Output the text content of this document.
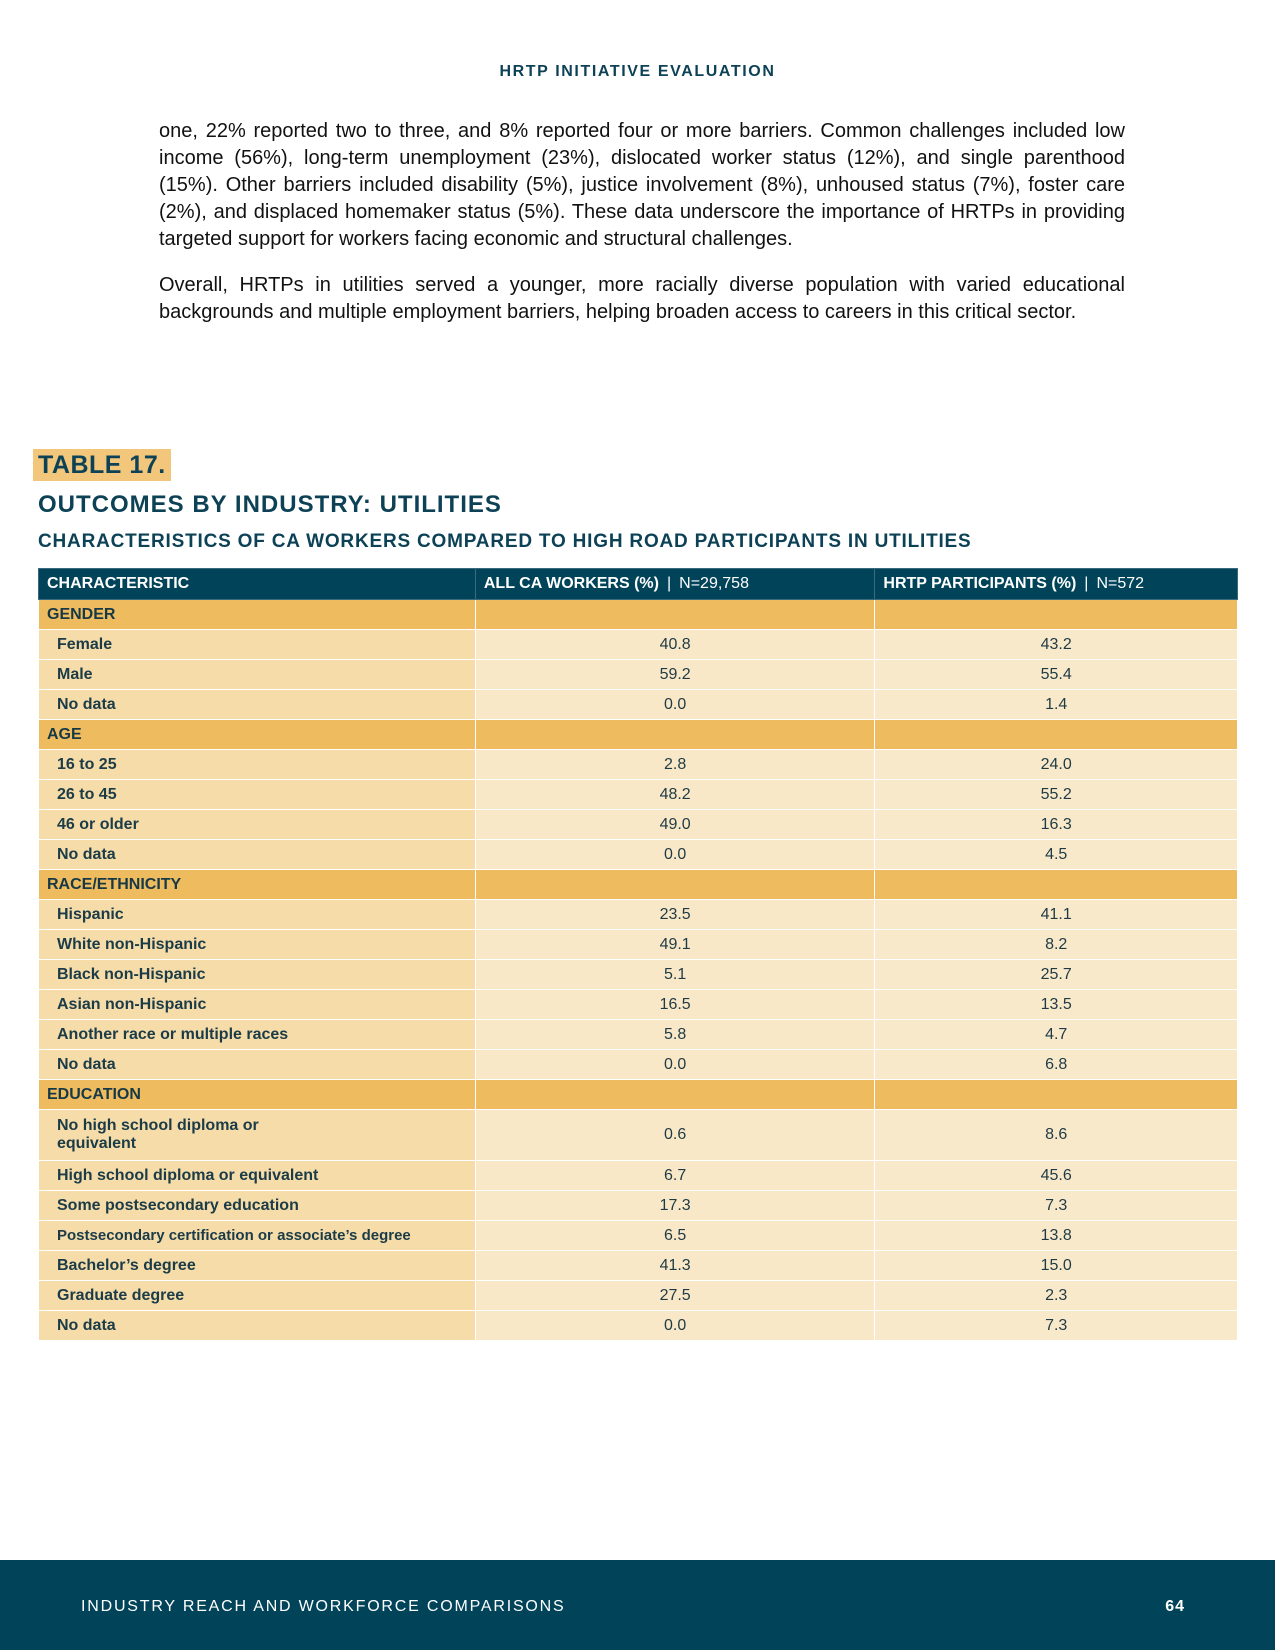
HRTP INITIATIVE EVALUATION

one, 22% reported two to three, and 8% reported four or more barriers. Common challenges included low income (56%), long-term unemployment (23%), dislocated worker status (12%), and single parenthood (15%). Other barriers included disability (5%), justice involvement (8%), unhoused status (7%), foster care (2%), and displaced homemaker status (5%). These data underscore the importance of HRTPs in providing targeted support for workers facing economic and structural challenges.

Overall, HRTPs in utilities served a younger, more racially diverse population with varied educational backgrounds and multiple employment barriers, helping broaden access to careers in this critical sector.

TABLE 17.
OUTCOMES BY INDUSTRY: UTILITIES
CHARACTERISTICS OF CA WORKERS COMPARED TO HIGH ROAD PARTICIPANTS IN UTILITIES
CHARACTERISTIC	ALL CA WORKERS (%) | N=29,758	HRTP PARTICIPANTS (%) | N=572
GENDER		
Female	40.8	43.2
Male	59.2	55.4
No data	0.0	1.4
AGE		
16 to 25	2.8	24.0
26 to 45	48.2	55.2
46 or older	49.0	16.3
No data	0.0	4.5
RACE/ETHNICITY		
Hispanic	23.5	41.1
White non-Hispanic	49.1	8.2
Black non-Hispanic	5.1	25.7
Asian non-Hispanic	16.5	13.5
Another race or multiple races	5.8	4.7
No data	0.0	6.8
EDUCATION		

No high school diploma or equivalent	0.6	8.6
High school diploma or equivalent	6.7	45.6
Some postsecondary education	17.3	7.3
Postsecondary certification or associate’s degree	6.5	13.8
Bachelor’s degree	41.3	15.0
Graduate degree	27.5	2.3
No data	0.0	7.3
INDUSTRY REACH AND WORKFORCE COMPARISONS	64
